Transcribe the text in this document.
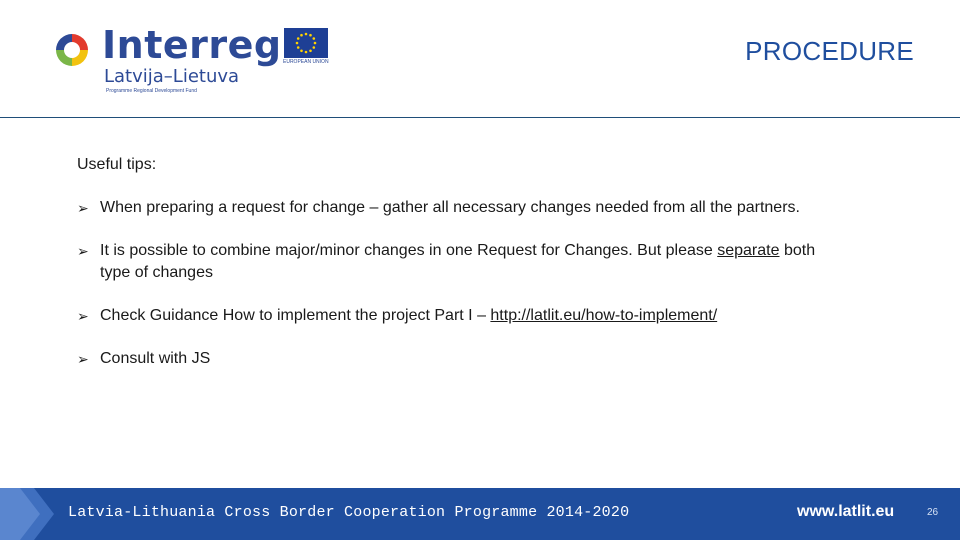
Interreg
Latvija–Lietuva
Programme Regional Development Fund
EUROPEAN UNION	PROCEDURE
Useful tips:
➢ When preparing a request for change – gather all necessary changes needed from all the partners.
➢ It is possible to combine major/minor changes in one Request for Changes. But please separate both type of changes
➢ Check Guidance How to implement the project Part I – http://latlit.eu/how-to-implement/
➢ Consult with JS
Latvia-Lithuania Cross Border Cooperation Programme 2014-2020	www.latlit.eu	26
